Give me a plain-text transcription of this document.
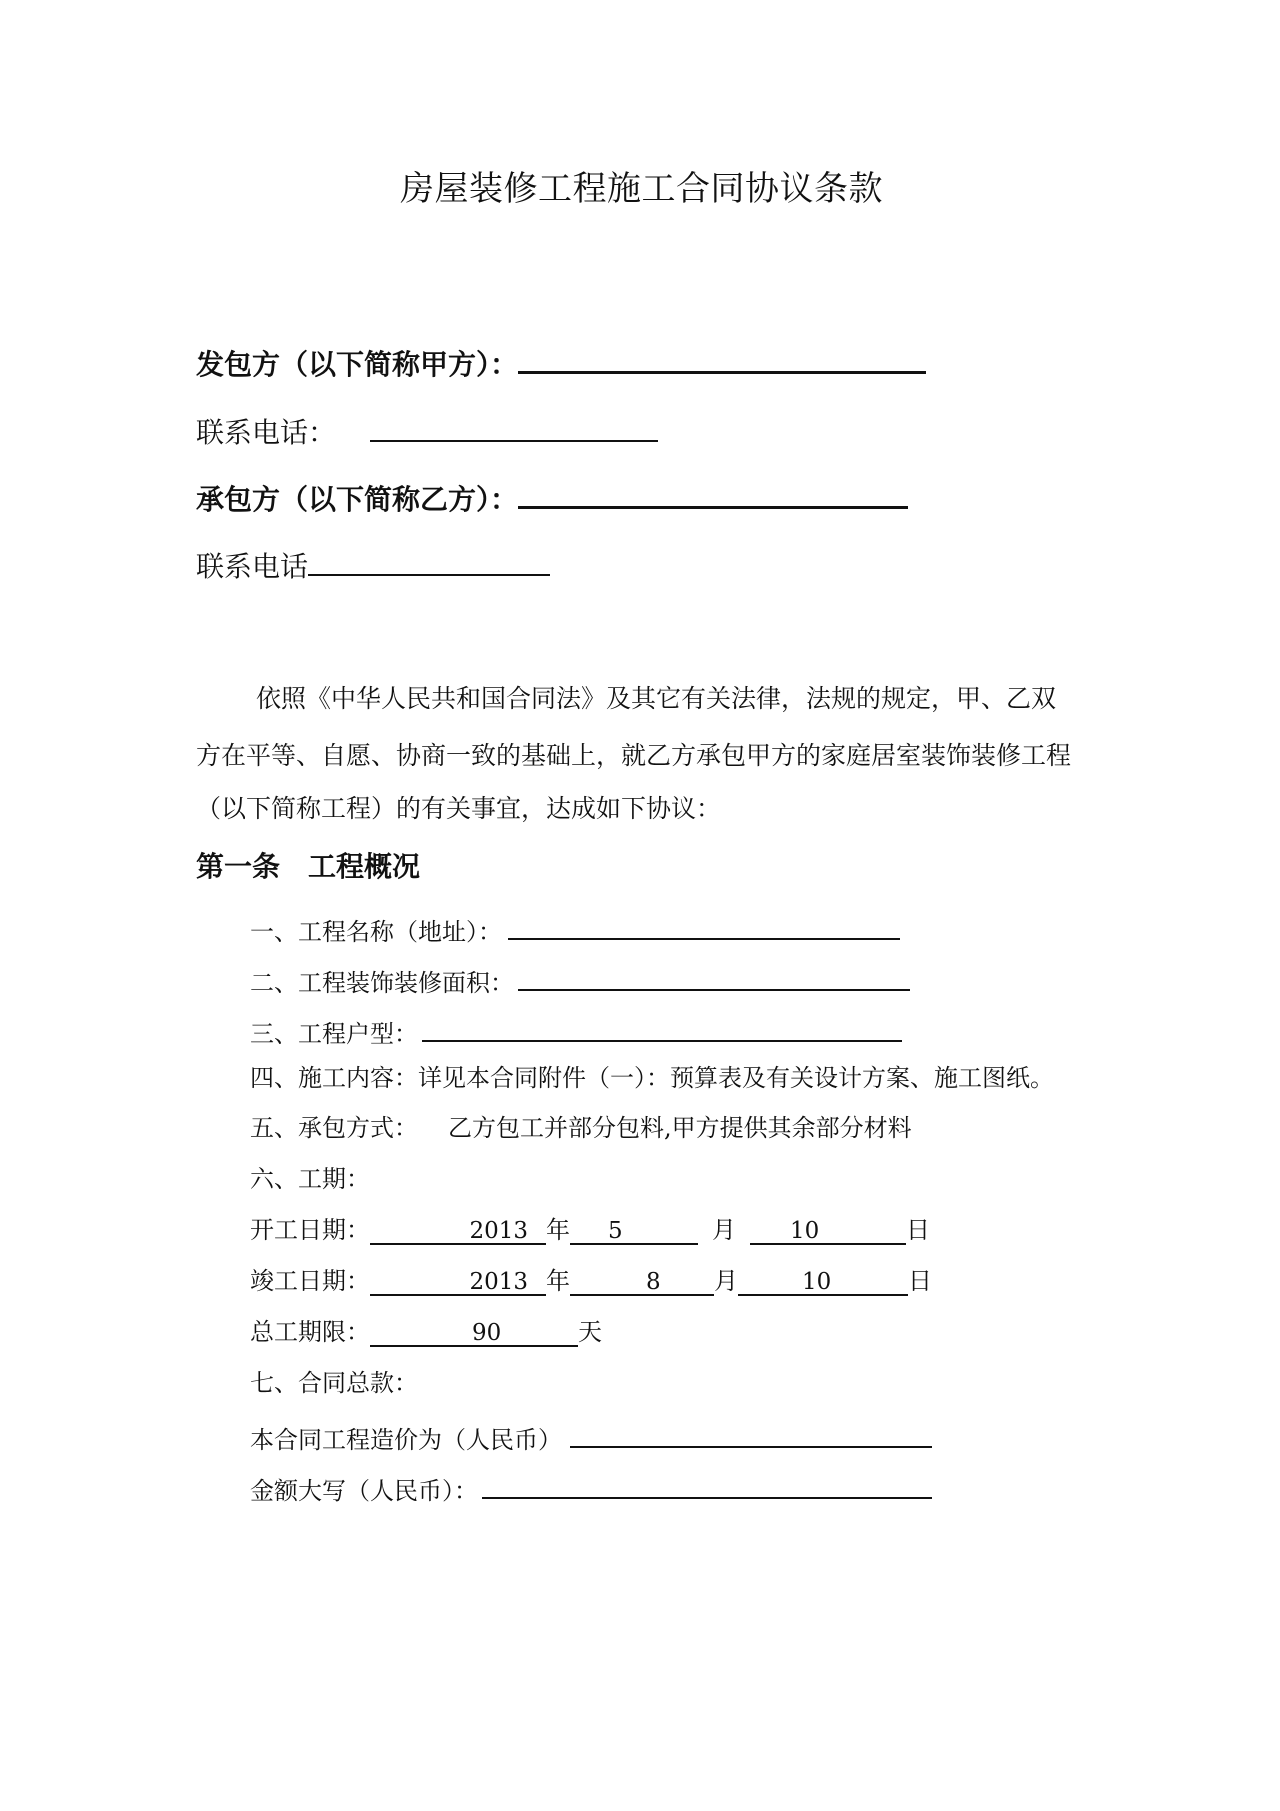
房屋装修工程施工合同协议条款
发包方（以下简称甲方）：
联系电话：
承包方（以下简称乙方）：
联系电话
依照《中华人民共和国合同法》及其它有关法律，法规的规定，甲、乙双
方在平等、自愿、协商一致的基础上，就乙方承包甲方的家庭居室装饰装修工程
（以下简称工程）的有关事宜，达成如下协议：
第一条 工程概况
一、工程名称（地址）：
二、工程装饰装修面积：
三、工程户型：
四、施工内容：详见本合同附件（一）：预算表及有关设计方案、施工图纸。
五、承包方式： 乙方包工并部分包料,甲方提供其余部分材料
六、工期：
开工日期：	2013 年 5	月 10	日
竣工日期：	2013 年	8 月	10	日
总工期限：	90	天
七、合同总款：
本合同工程造价为（人民币）
金额大写（人民币）：
